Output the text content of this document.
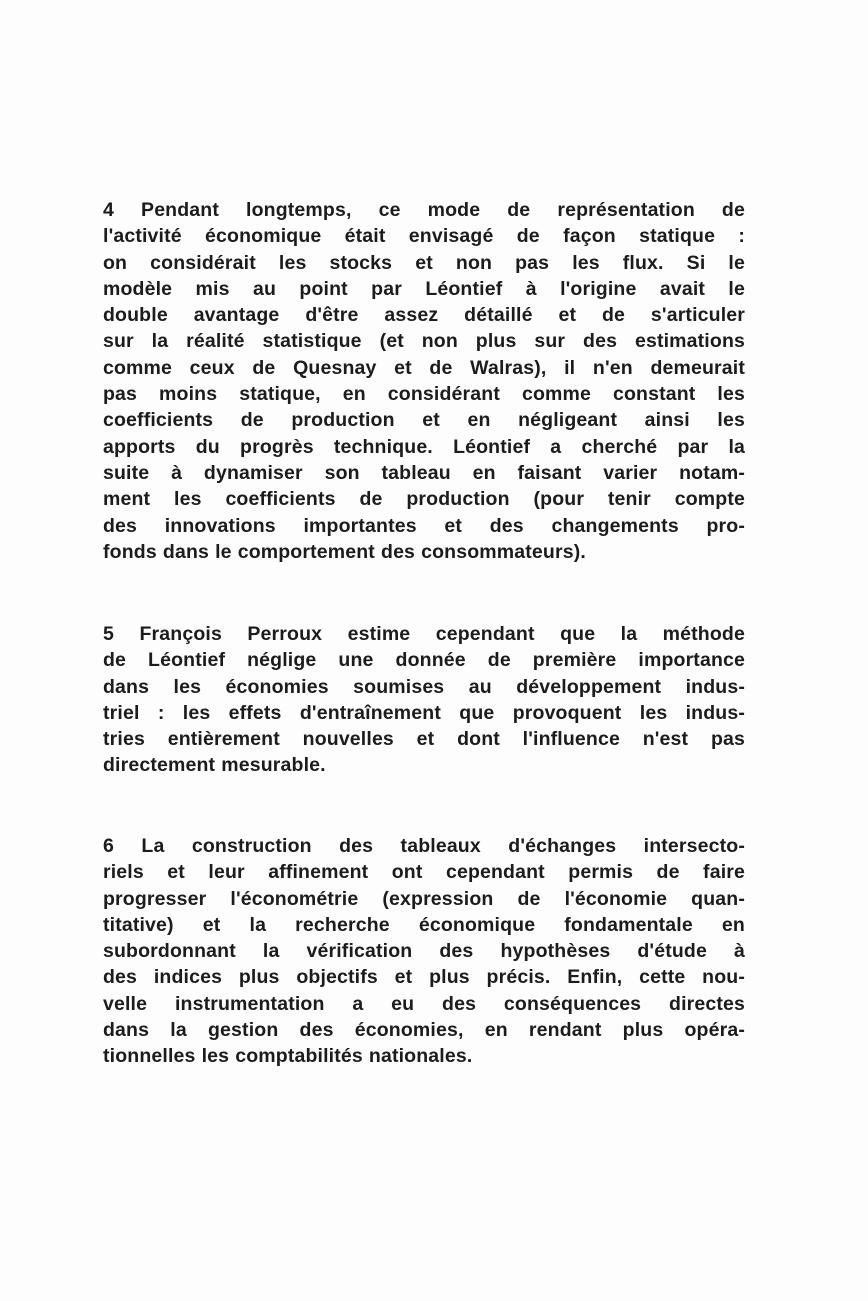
4 Pendant longtemps, ce mode de représentation de
l'activité économique était envisagé de façon statique :
on considérait les stocks et non pas les flux. Si le
modèle mis au point par Léontief à l'origine avait le
double avantage d'être assez détaillé et de s'articuler
sur la réalité statistique (et non plus sur des estimations
comme ceux de Quesnay et de Walras), il n'en demeurait
pas moins statique, en considérant comme constant les
coefficients de production et en négligeant ainsi les
apports du progrès technique. Léontief a cherché par la
suite à dynamiser son tableau en faisant varier notam-
ment les coefficients de production (pour tenir compte
des innovations importantes et des changements pro-
fonds dans le comportement des consommateurs).
5 François Perroux estime cependant que la méthode
de Léontief néglige une donnée de première importance
dans les économies soumises au développement indus-
triel : les effets d'entraînement que provoquent les indus-
tries entièrement nouvelles et dont l'influence n'est pas
directement mesurable.
6 La construction des tableaux d'échanges intersecto-
riels et leur affinement ont cependant permis de faire
progresser l'économétrie (expression de l'économie quan-
titative) et la recherche économique fondamentale en
subordonnant la vérification des hypothèses d'étude à
des indices plus objectifs et plus précis. Enfin, cette nou-
velle instrumentation a eu des conséquences directes
dans la gestion des économies, en rendant plus opéra-
tionnelles les comptabilités nationales.
